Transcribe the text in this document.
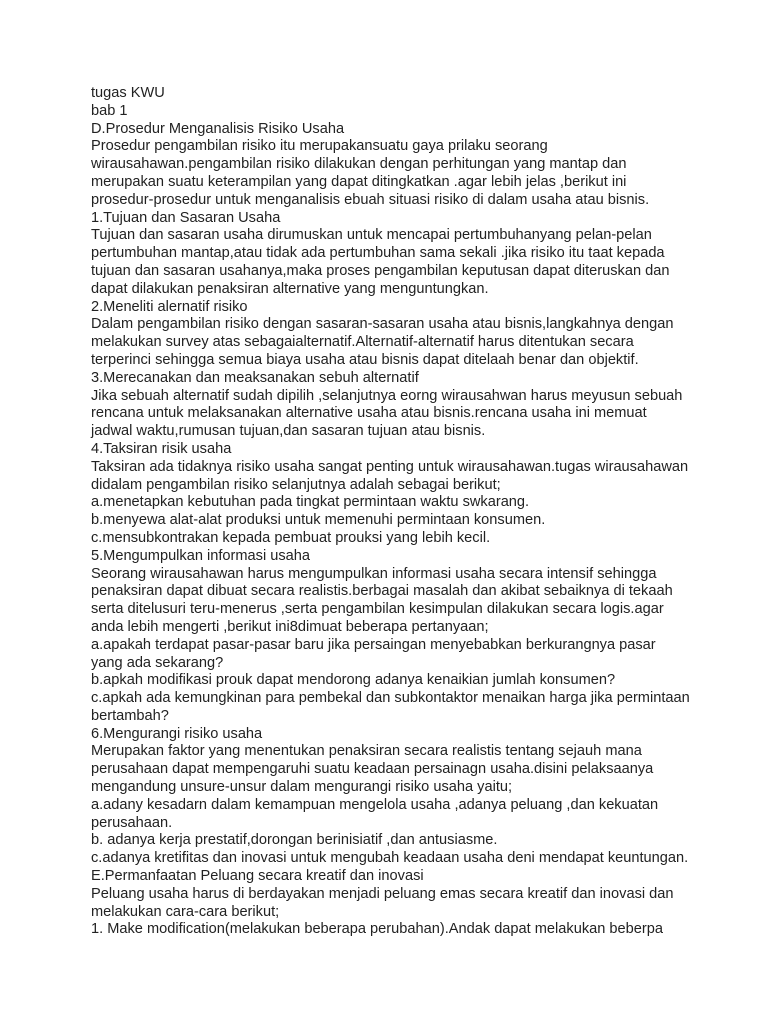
tugas KWU
bab 1
D.Prosedur Menganalisis Risiko Usaha
Prosedur pengambilan risiko itu merupakansuatu gaya prilaku seorang
wirausahawan.pengambilan risiko dilakukan dengan perhitungan yang mantap dan
merupakan suatu keterampilan yang dapat ditingkatkan .agar lebih jelas ,berikut ini
prosedur-prosedur untuk menganalisis ebuah situasi risiko di dalam usaha atau bisnis.
1.Tujuan dan Sasaran Usaha
Tujuan dan sasaran usaha dirumuskan untuk mencapai pertumbuhanyang pelan-pelan
pertumbuhan mantap,atau tidak ada pertumbuhan sama sekali .jika risiko itu taat kepada
tujuan dan sasaran usahanya,maka proses pengambilan keputusan dapat diteruskan dan
dapat dilakukan penaksiran alternative yang menguntungkan.
2.Meneliti alernatif risiko
Dalam pengambilan risiko dengan sasaran-sasaran usaha atau bisnis,langkahnya dengan
melakukan survey atas sebagaialternatif.Alternatif-alternatif harus ditentukan secara
terperinci sehingga semua biaya usaha atau bisnis dapat ditelaah benar dan objektif.
3.Merecanakan dan meaksanakan sebuh alternatif
Jika sebuah alternatif sudah dipilih ,selanjutnya eorng wirausahwan harus meyusun sebuah
rencana untuk melaksanakan alternative usaha atau bisnis.rencana usaha ini memuat
jadwal waktu,rumusan tujuan,dan sasaran tujuan atau bisnis.
4.Taksiran risik usaha
Taksiran ada tidaknya risiko usaha sangat penting untuk wirausahawan.tugas wirausahawan
didalam pengambilan risiko selanjutnya adalah sebagai berikut;
a.menetapkan kebutuhan pada tingkat permintaan waktu swkarang.
b.menyewa alat-alat produksi untuk memenuhi permintaan konsumen.
c.mensubkontrakan kepada pembuat prouksi yang lebih kecil.
5.Mengumpulkan informasi usaha
Seorang wirausahawan harus mengumpulkan informasi usaha secara intensif sehingga
penaksiran dapat dibuat secara realistis.berbagai masalah dan akibat sebaiknya di tekaah
serta ditelusuri teru-menerus ,serta pengambilan kesimpulan dilakukan secara logis.agar
anda lebih mengerti ,berikut ini8dimuat beberapa pertanyaan;
a.apakah terdapat pasar-pasar baru jika persaingan menyebabkan berkurangnya pasar
yang ada sekarang?
b.apkah modifikasi prouk dapat mendorong adanya kenaikian jumlah konsumen?
c.apkah ada kemungkinan para pembekal dan subkontaktor menaikan harga jika permintaan
bertambah?
6.Mengurangi risiko usaha
Merupakan faktor yang menentukan penaksiran secara realistis tentang sejauh mana
perusahaan dapat mempengaruhi suatu keadaan persainagn usaha.disini pelaksaanya
mengandung unsure-unsur dalam mengurangi risiko usaha yaitu;
a.adany kesadarn dalam kemampuan mengelola usaha ,adanya peluang ,dan kekuatan
perusahaan.
b. adanya kerja prestatif,dorongan berinisiatif ,dan antusiasme.
c.adanya kretifitas dan inovasi untuk mengubah keadaan usaha deni mendapat keuntungan.
E.Permanfaatan Peluang secara kreatif dan inovasi
Peluang usaha harus di berdayakan menjadi peluang emas secara kreatif dan inovasi dan
melakukan cara-cara berikut;
1. Make modification(melakukan beberapa perubahan).Andak dapat melakukan beberpa
